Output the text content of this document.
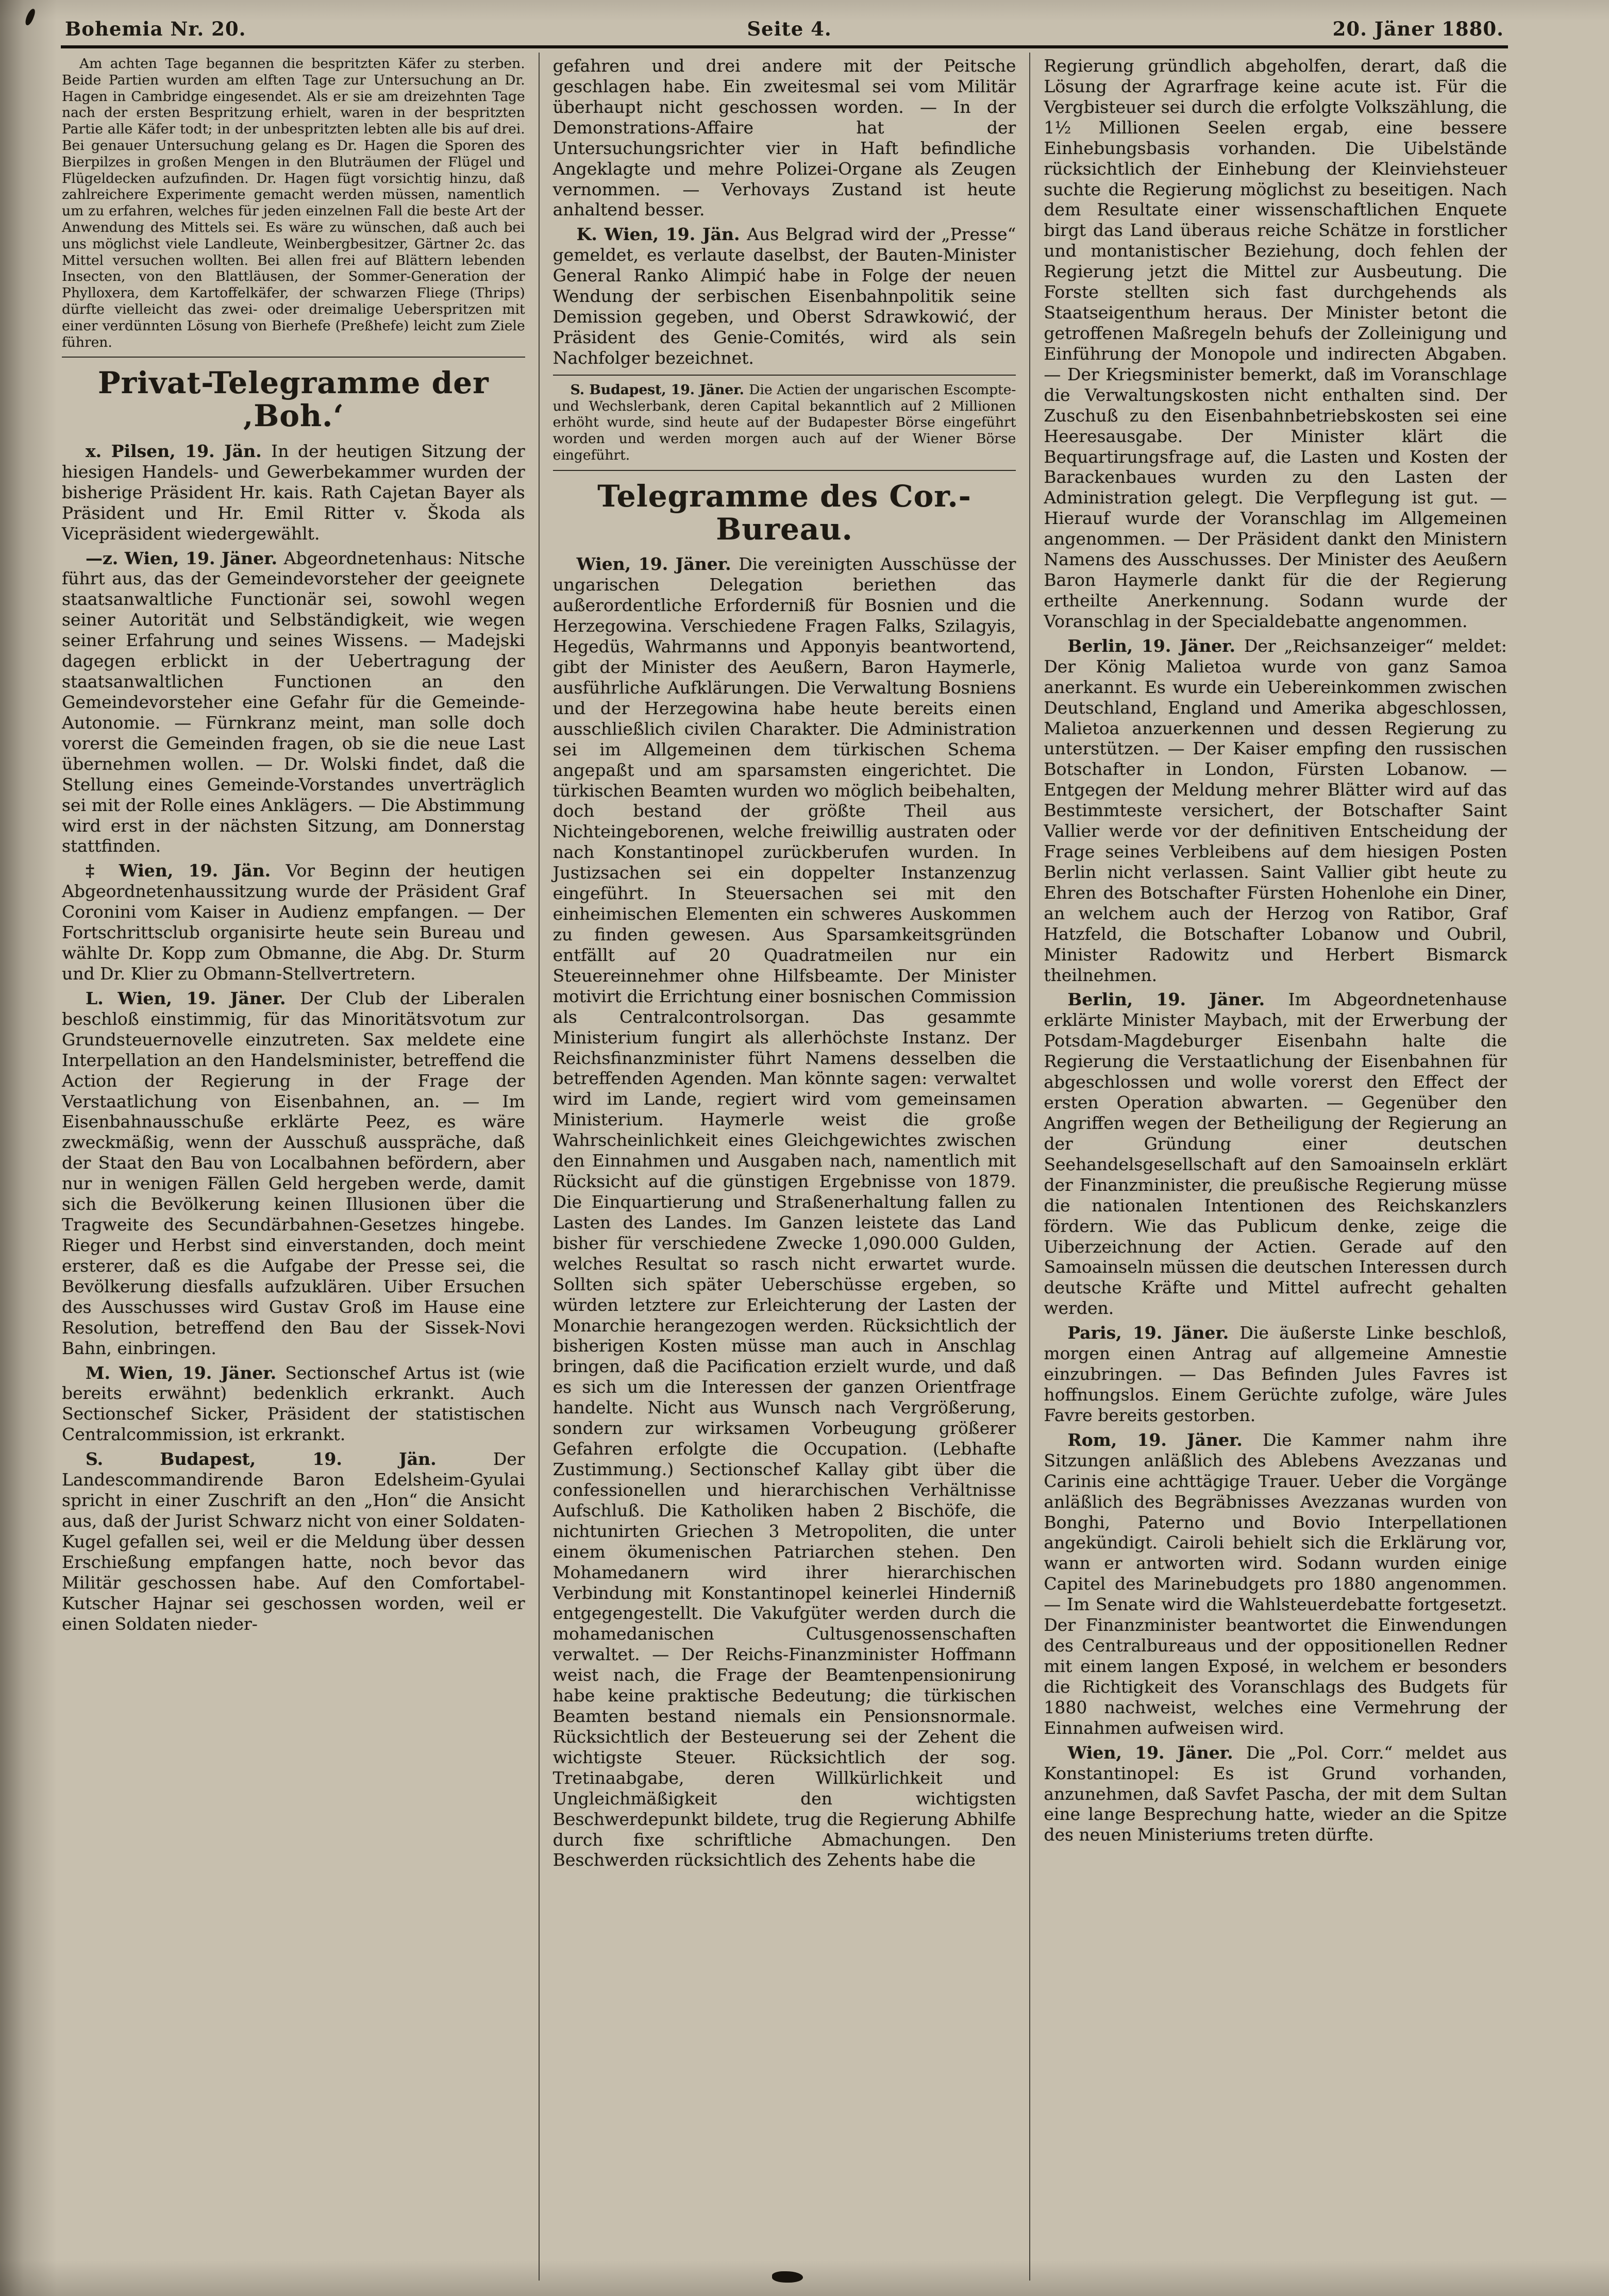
Bohemia Nr. 20.	Seite 4.	20. Jäner 1880.

Am achten Tage begannen die bespritzten Käfer zu sterben. Beide Partien wurden am elften Tage zur Untersuchung an Dr. Hagen in Cambridge eingesendet. Als er sie am dreizehnten Tage nach der ersten Bespritzung erhielt, waren in der bespritzten Partie alle Käfer todt; in der unbespritzten lebten alle bis auf drei. Bei genauer Untersuchung gelang es Dr. Hagen die Sporen des Bierpilzes in großen Mengen in den Bluträumen der Flügel und Flügeldecken aufzufinden. Dr. Hagen fügt vorsichtig hinzu, daß zahlreichere Experimente gemacht werden müssen, namentlich um zu erfahren, welches für jeden einzelnen Fall die beste Art der Anwendung des Mittels sei. Es wäre zu wünschen, daß auch bei uns möglichst viele Landleute, Weinbergbesitzer, Gärtner 2c. das Mittel versuchen wollten. Bei allen frei auf Blättern lebenden Insecten, von den Blattläusen, der Sommer-Generation der Phylloxera, dem Kartoffelkäfer, der schwarzen Fliege (Thrips) dürfte vielleicht das zwei- oder dreimalige Ueberspritzen mit einer verdünnten Lösung von Bierhefe (Preßhefe) leicht zum Ziele führen.

Privat-Telegramme der ‚Boh.‘

x. Pilsen, 19. Jän. In der heutigen Sitzung der hiesigen Handels- und Gewerbekammer wurden der bisherige Präsident Hr. kais. Rath Cajetan Bayer als Präsident und Hr. Emil Ritter v. Škoda als Vicepräsident wiedergewählt.

—z. Wien, 19. Jäner. Abgeordnetenhaus: Nitsche führt aus, das der Gemeindevorsteher der geeignete staatsanwaltliche Functionär sei, sowohl wegen seiner Autorität und Selbständigkeit, wie wegen seiner Erfahrung und seines Wissens. — Madejski dagegen erblickt in der Uebertragung der staatsanwaltlichen Functionen an den Gemeindevorsteher eine Gefahr für die Gemeinde-Autonomie. — Fürnkranz meint, man solle doch vorerst die Gemeinden fragen, ob sie die neue Last übernehmen wollen. — Dr. Wolski findet, daß die Stellung eines Gemeinde-Vorstandes unverträglich sei mit der Rolle eines Anklägers. — Die Abstimmung wird erst in der nächsten Sitzung, am Donnerstag stattfinden.

‡ Wien, 19. Jän. Vor Beginn der heutigen Abgeordnetenhaussitzung wurde der Präsident Graf Coronini vom Kaiser in Audienz empfangen. — Der Fortschrittsclub organisirte heute sein Bureau und wählte Dr. Kopp zum Obmanne, die Abg. Dr. Sturm und Dr. Klier zu Obmann-Stellvertretern.

L. Wien, 19. Jäner. Der Club der Liberalen beschloß einstimmig, für das Minoritätsvotum zur Grundsteuernovelle einzutreten. Sax meldete eine Interpellation an den Handelsminister, betreffend die Action der Regierung in der Frage der Verstaatlichung von Eisenbahnen, an. — Im Eisenbahnausschuße erklärte Peez, es wäre zweckmäßig, wenn der Ausschuß ausspräche, daß der Staat den Bau von Localbahnen befördern, aber nur in wenigen Fällen Geld hergeben werde, damit sich die Bevölkerung keinen Illusionen über die Tragweite des Secundärbahnen-Gesetzes hingebe. Rieger und Herbst sind einverstanden, doch meint ersterer, daß es die Aufgabe der Presse sei, die Bevölkerung diesfalls aufzuklären. Uiber Ersuchen des Ausschusses wird Gustav Groß im Hause eine Resolution, betreffend den Bau der Sissek-Novi Bahn, einbringen.

M. Wien, 19. Jäner. Sectionschef Artus ist (wie bereits erwähnt) bedenklich erkrankt. Auch Sectionschef Sicker, Präsident der statistischen Centralcommission, ist erkrankt.

S. Budapest, 19. Jän. Der Landescommandirende Baron Edelsheim-Gyulai spricht in einer Zuschrift an den „Hon“ die Ansicht aus, daß der Jurist Schwarz nicht von einer Soldaten-Kugel gefallen sei, weil er die Meldung über dessen Erschießung empfangen hatte, noch bevor das Militär geschossen habe. Auf den Comfortabel-Kutscher Hajnar sei geschossen worden, weil er einen Soldaten nieder-

gefahren und drei andere mit der Peitsche geschlagen habe. Ein zweitesmal sei vom Militär überhaupt nicht geschossen worden. — In der Demonstrations-Affaire hat der Untersuchungsrichter vier in Haft befindliche Angeklagte und mehre Polizei-Organe als Zeugen vernommen. — Verhovays Zustand ist heute anhaltend besser.

K. Wien, 19. Jän. Aus Belgrad wird der „Presse“ gemeldet, es verlaute daselbst, der Bauten-Minister General Ranko Alimpić habe in Folge der neuen Wendung der serbischen Eisenbahnpolitik seine Demission gegeben, und Oberst Sdrawkowić, der Präsident des Genie-Comités, wird als sein Nachfolger bezeichnet.

S. Budapest, 19. Jäner. Die Actien der ungarischen Escompte- und Wechslerbank, deren Capital bekanntlich auf 2 Millionen erhöht wurde, sind heute auf der Budapester Börse eingeführt worden und werden morgen auch auf der Wiener Börse eingeführt.

Telegramme des Cor.-Bureau.

Wien, 19. Jäner. Die vereinigten Ausschüsse der ungarischen Delegation beriethen das außerordentliche Erforderniß für Bosnien und die Herzegowina. Verschiedene Fragen Falks, Szilagyis, Hegedüs, Wahrmanns und Apponyis beantwortend, gibt der Minister des Aeußern, Baron Haymerle, ausführliche Aufklärungen. Die Verwaltung Bosniens und der Herzegowina habe heute bereits einen ausschließlich civilen Charakter. Die Administration sei im Allgemeinen dem türkischen Schema angepaßt und am sparsamsten eingerichtet. Die türkischen Beamten wurden wo möglich beibehalten, doch bestand der größte Theil aus Nichteingeborenen, welche freiwillig austraten oder nach Konstantinopel zurückberufen wurden. In Justizsachen sei ein doppelter Instanzenzug eingeführt. In Steuersachen sei mit den einheimischen Elementen ein schweres Auskommen zu finden gewesen. Aus Sparsamkeitsgründen entfällt auf 20 Quadratmeilen nur ein Steuereinnehmer ohne Hilfsbeamte. Der Minister motivirt die Errichtung einer bosnischen Commission als Centralcontrolsorgan. Das gesammte Ministerium fungirt als allerhöchste Instanz. Der Reichsfinanzminister führt Namens desselben die betreffenden Agenden. Man könnte sagen: verwaltet wird im Lande, regiert wird vom gemeinsamen Ministerium. Haymerle weist die große Wahrscheinlichkeit eines Gleichgewichtes zwischen den Einnahmen und Ausgaben nach, namentlich mit Rücksicht auf die günstigen Ergebnisse von 1879. Die Einquartierung und Straßenerhaltung fallen zu Lasten des Landes. Im Ganzen leistete das Land bisher für verschiedene Zwecke 1,090.000 Gulden, welches Resultat so rasch nicht erwartet wurde. Sollten sich später Ueberschüsse ergeben, so würden letztere zur Erleichterung der Lasten der Monarchie herangezogen werden. Rücksichtlich der bisherigen Kosten müsse man auch in Anschlag bringen, daß die Pacification erzielt wurde, und daß es sich um die Interessen der ganzen Orientfrage handelte. Nicht aus Wunsch nach Vergrößerung, sondern zur wirksamen Vorbeugung größerer Gefahren erfolgte die Occupation. (Lebhafte Zustimmung.) Sectionschef Kallay gibt über die confessionellen und hierarchischen Verhältnisse Aufschluß. Die Katholiken haben 2 Bischöfe, die nichtunirten Griechen 3 Metropoliten, die unter einem ökumenischen Patriarchen stehen. Den Mohamedanern wird ihrer hierarchischen Verbindung mit Konstantinopel keinerlei Hinderniß entgegengestellt. Die Vakufgüter werden durch die mohamedanischen Cultusgenossenschaften verwaltet. — Der Reichs-Finanzminister Hoffmann weist nach, die Frage der Beamtenpensionirung habe keine praktische Bedeutung; die türkischen Beamten bestand niemals ein Pensionsnormale. Rücksichtlich der Besteuerung sei der Zehent die wichtigste Steuer. Rücksichtlich der sog. Tretinaabgabe, deren Willkürlichkeit und Ungleichmäßigkeit den wichtigsten Beschwerdepunkt bildete, trug die Regierung Abhilfe durch fixe schriftliche Abmachungen. Den Beschwerden rücksichtlich des Zehents habe die

Regierung gründlich abgeholfen, derart, daß die Lösung der Agrarfrage keine acute ist. Für die Vergbisteuer sei durch die erfolgte Volkszählung, die 1½ Millionen Seelen ergab, eine bessere Einhebungsbasis vorhanden. Die Uibelstände rücksichtlich der Einhebung der Kleinviehsteuer suchte die Regierung möglichst zu beseitigen. Nach dem Resultate einer wissenschaftlichen Enquete birgt das Land überaus reiche Schätze in forstlicher und montanistischer Beziehung, doch fehlen der Regierung jetzt die Mittel zur Ausbeutung. Die Forste stellten sich fast durchgehends als Staatseigenthum heraus. Der Minister betont die getroffenen Maßregeln behufs der Zolleinigung und Einführung der Monopole und indirecten Abgaben. — Der Kriegsminister bemerkt, daß im Voranschlage die Verwaltungskosten nicht enthalten sind. Der Zuschuß zu den Eisenbahnbetriebskosten sei eine Heeresausgabe. Der Minister klärt die Bequartirungsfrage auf, die Lasten und Kosten der Barackenbaues wurden zu den Lasten der Administration gelegt. Die Verpflegung ist gut. — Hierauf wurde der Voranschlag im Allgemeinen angenommen. — Der Präsident dankt den Ministern Namens des Ausschusses. Der Minister des Aeußern Baron Haymerle dankt für die der Regierung ertheilte Anerkennung. Sodann wurde der Voranschlag in der Specialdebatte angenommen.

Berlin, 19. Jäner. Der „Reichsanzeiger“ meldet: Der König Malietoa wurde von ganz Samoa anerkannt. Es wurde ein Uebereinkommen zwischen Deutschland, England und Amerika abgeschlossen, Malietoa anzuerkennen und dessen Regierung zu unterstützen. — Der Kaiser empfing den russischen Botschafter in London, Fürsten Lobanow. — Entgegen der Meldung mehrer Blätter wird auf das Bestimmteste versichert, der Botschafter Saint Vallier werde vor der definitiven Entscheidung der Frage seines Verbleibens auf dem hiesigen Posten Berlin nicht verlassen. Saint Vallier gibt heute zu Ehren des Botschafter Fürsten Hohenlohe ein Diner, an welchem auch der Herzog von Ratibor, Graf Hatzfeld, die Botschafter Lobanow und Oubril, Minister Radowitz und Herbert Bismarck theilnehmen.

Berlin, 19. Jäner. Im Abgeordnetenhause erklärte Minister Maybach, mit der Erwerbung der Potsdam-Magdeburger Eisenbahn halte die Regierung die Verstaatlichung der Eisenbahnen für abgeschlossen und wolle vorerst den Effect der ersten Operation abwarten. — Gegenüber den Angriffen wegen der Betheiligung der Regierung an der Gründung einer deutschen Seehandelsgesellschaft auf den Samoainseln erklärt der Finanzminister, die preußische Regierung müsse die nationalen Intentionen des Reichskanzlers fördern. Wie das Publicum denke, zeige die Uiberzeichnung der Actien. Gerade auf den Samoainseln müssen die deutschen Interessen durch deutsche Kräfte und Mittel aufrecht gehalten werden.

Paris, 19. Jäner. Die äußerste Linke beschloß, morgen einen Antrag auf allgemeine Amnestie einzubringen. — Das Befinden Jules Favres ist hoffnungslos. Einem Gerüchte zufolge, wäre Jules Favre bereits gestorben.

Rom, 19. Jäner. Die Kammer nahm ihre Sitzungen anläßlich des Ablebens Avezzanas und Carinis eine achttägige Trauer. Ueber die Vorgänge anläßlich des Begräbnisses Avezzanas wurden von Bonghi, Paterno und Bovio Interpellationen angekündigt. Cairoli behielt sich die Erklärung vor, wann er antworten wird. Sodann wurden einige Capitel des Marinebudgets pro 1880 angenommen. — Im Senate wird die Wahlsteuerdebatte fortgesetzt. Der Finanzminister beantwortet die Einwendungen des Centralbureaus und der oppositionellen Redner mit einem langen Exposé, in welchem er besonders die Richtigkeit des Voranschlags des Budgets für 1880 nachweist, welches eine Vermehrung der Einnahmen aufweisen wird.

Wien, 19. Jäner. Die „Pol. Corr.“ meldet aus Konstantinopel: Es ist Grund vorhanden, anzunehmen, daß Savfet Pascha, der mit dem Sultan eine lange Besprechung hatte, wieder an die Spitze des neuen Ministeriums treten dürfte.
